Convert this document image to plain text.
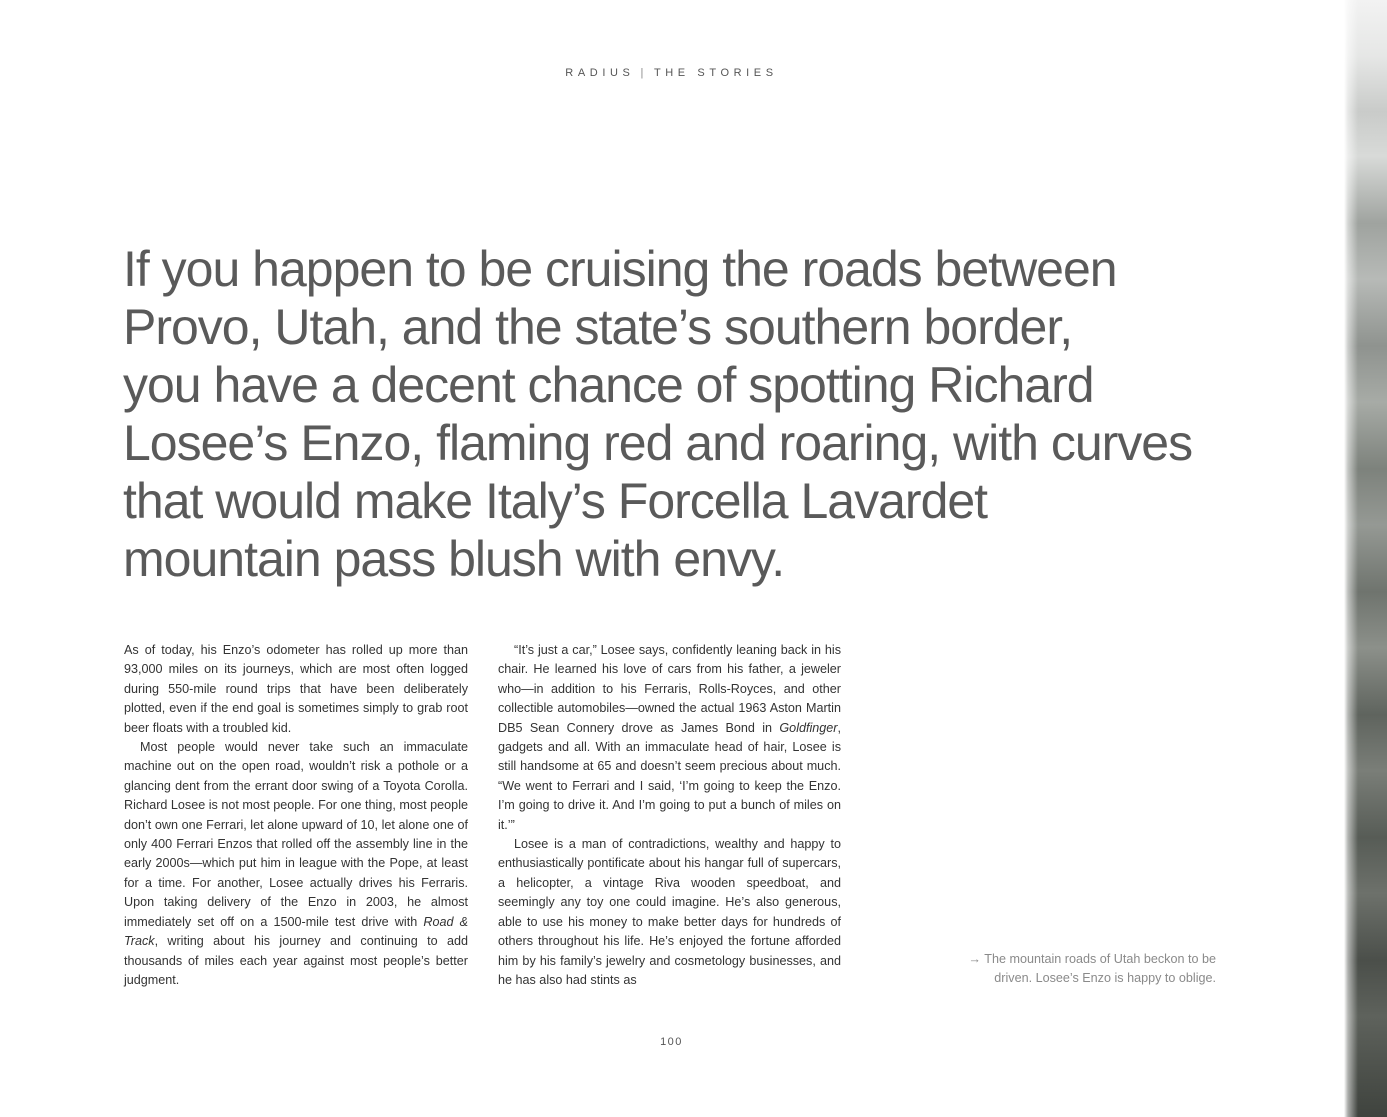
RADIUS | THE STORIES
If you happen to be cruising the roads between
Provo, Utah, and the state’s southern border,
you have a decent chance of spotting Richard
Losee’s Enzo, flaming red and roaring, with curves
that would make Italy’s Forcella Lavardet
mountain pass blush with envy.

As of today, his Enzo’s odometer has rolled up more than 93,000 miles on its journeys, which are most often logged during 550-mile round trips that have been deliberately plotted, even if the end goal is sometimes simply to grab root beer floats with a troubled kid.

Most people would never take such an immaculate machine out on the open road, wouldn’t risk a pothole or a glancing dent from the errant door swing of a Toyota Corolla. Richard Losee is not most people. For one thing, most people don’t own one Ferrari, let alone upward of 10, let alone one of only 400 Ferrari Enzos that rolled off the assembly line in the early 2000s—which put him in league with the Pope, at least for a time. For another, Losee actually drives his Ferraris. Upon taking delivery of the Enzo in 2003, he almost immediately set off on a 1500-mile test drive with Road & Track, writing about his journey and continuing to add thousands of miles each year against most people’s better judgment.

“It’s just a car,” Losee says, confidently leaning back in his chair. He learned his love of cars from his father, a jeweler who—in addition to his Ferraris, Rolls-Royces, and other collectible automobiles—owned the actual 1963 Aston Martin DB5 Sean Connery drove as James Bond in Goldfinger, gadgets and all. With an immaculate head of hair, Losee is still handsome at 65 and doesn’t seem precious about much. “We went to Ferrari and I said, ‘I’m going to keep the Enzo. I’m going to drive it. And I’m going to put a bunch of miles on it.’”

Losee is a man of contradictions, wealthy and happy to enthusiastically pontificate about his hangar full of supercars, a helicopter, a vintage Riva wooden speedboat, and seemingly any toy one could imagine. He’s also generous, able to use his money to make better days for hundreds of others throughout his life. He’s enjoyed the fortune afforded him by his family’s jewelry and cosmetology businesses, and he has also had stints as

→ The mountain roads of Utah beckon to be driven. Losee’s Enzo is happy to oblige.
100
